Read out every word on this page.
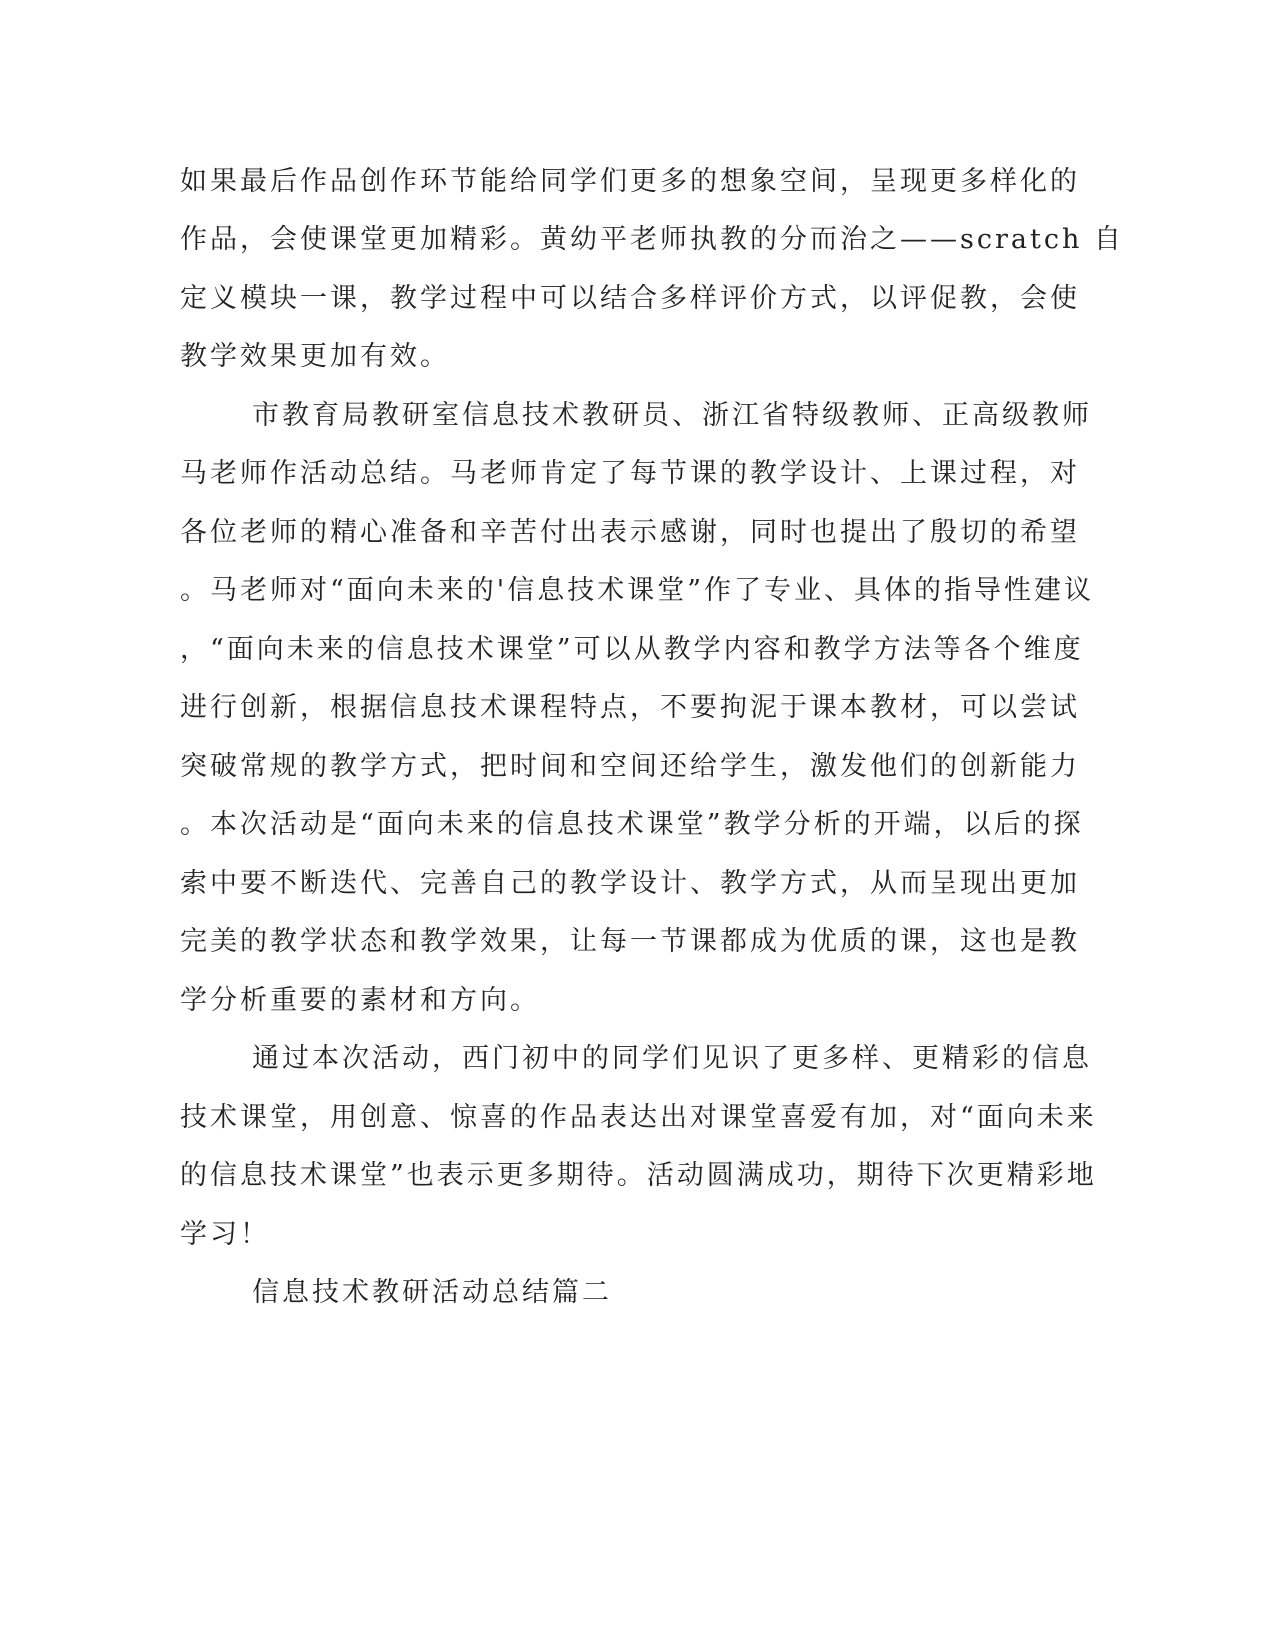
如果最后作品创作环节能给同学们更多的想象空间，呈现更多样化的

作品，会使课堂更加精彩。黄幼平老师执教的分而治之——scratch 自

定义模块一课，教学过程中可以结合多样评价方式，以评促教，会使

教学效果更加有效。

市教育局教研室信息技术教研员、浙江省特级教师、正高级教师

马老师作活动总结。马老师肯定了每节课的教学设计、上课过程，对

各位老师的精心准备和辛苦付出表示感谢，同时也提出了殷切的希望

。马老师对“面向未来的'信息技术课堂”作了专业、具体的指导性建议

，“面向未来的信息技术课堂”可以从教学内容和教学方法等各个维度

进行创新，根据信息技术课程特点，不要拘泥于课本教材，可以尝试

突破常规的教学方式，把时间和空间还给学生，激发他们的创新能力

。本次活动是“面向未来的信息技术课堂”教学分析的开端，以后的探

索中要不断迭代、完善自己的教学设计、教学方式，从而呈现出更加

完美的教学状态和教学效果，让每一节课都成为优质的课，这也是教

学分析重要的素材和方向。

通过本次活动，西门初中的同学们见识了更多样、更精彩的信息

技术课堂，用创意、惊喜的作品表达出对课堂喜爱有加，对“面向未来

的信息技术课堂”也表示更多期待。活动圆满成功，期待下次更精彩地

学习！

信息技术教研活动总结篇二
